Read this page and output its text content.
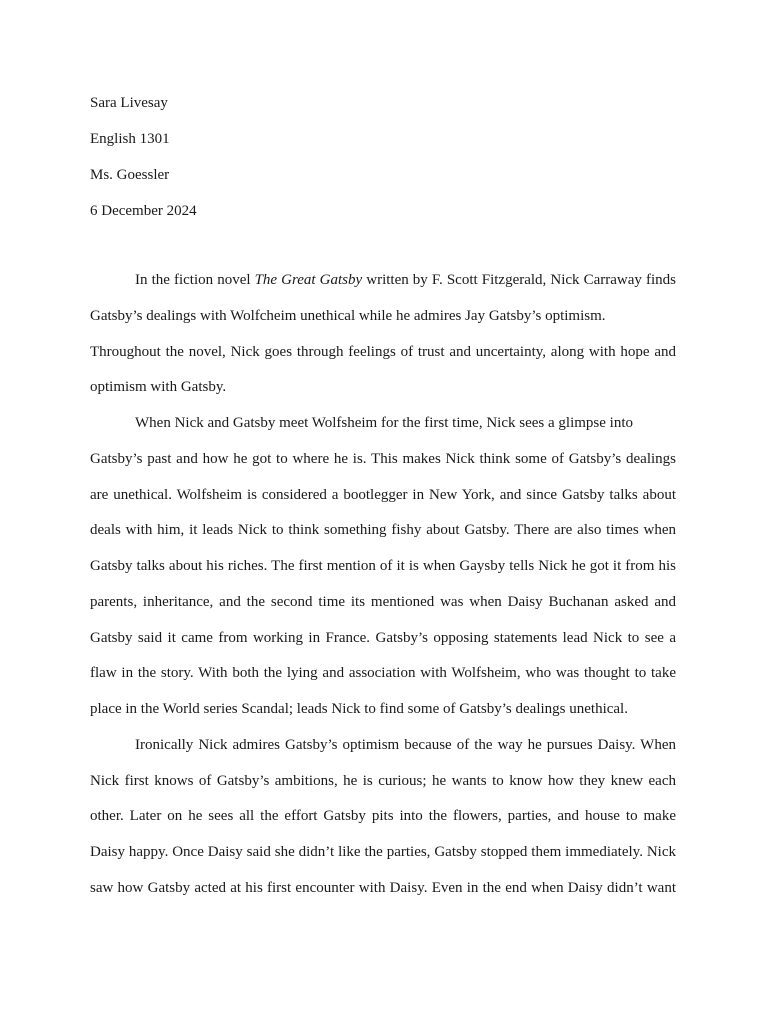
Sara Livesay
English 1301
Ms. Goessler
6 December 2024
In the fiction novel The Great Gatsby written by F. Scott Fitzgerald, Nick Carraway finds
Gatsby’s dealings with Wolfcheim unethical while he admires Jay Gatsby’s optimism.
Throughout the novel, Nick goes through feelings of trust and uncertainty, along with hope and
optimism with Gatsby.
When Nick and Gatsby meet Wolfsheim for the first time, Nick sees a glimpse into
Gatsby’s past and how he got to where he is. This makes Nick think some of Gatsby’s dealings
are unethical. Wolfsheim is considered a bootlegger in New York, and since Gatsby talks about
deals with him, it leads Nick to think something fishy about Gatsby. There are also times when
Gatsby talks about his riches. The first mention of it is when Gaysby tells Nick he got it from his
parents, inheritance, and the second time its mentioned was when Daisy Buchanan asked and
Gatsby said it came from working in France. Gatsby’s opposing statements lead Nick to see a
flaw in the story. With both the lying and association with Wolfsheim, who was thought to take
place in the World series Scandal; leads Nick to find some of Gatsby’s dealings unethical.
Ironically Nick admires Gatsby’s optimism because of the way he pursues Daisy. When
Nick first knows of Gatsby’s ambitions, he is curious; he wants to know how they knew each
other. Later on he sees all the effort Gatsby pits into the flowers, parties, and house to make
Daisy happy. Once Daisy said she didn’t like the parties, Gatsby stopped them immediately. Nick
saw how Gatsby acted at his first encounter with Daisy. Even in the end when Daisy didn’t want
